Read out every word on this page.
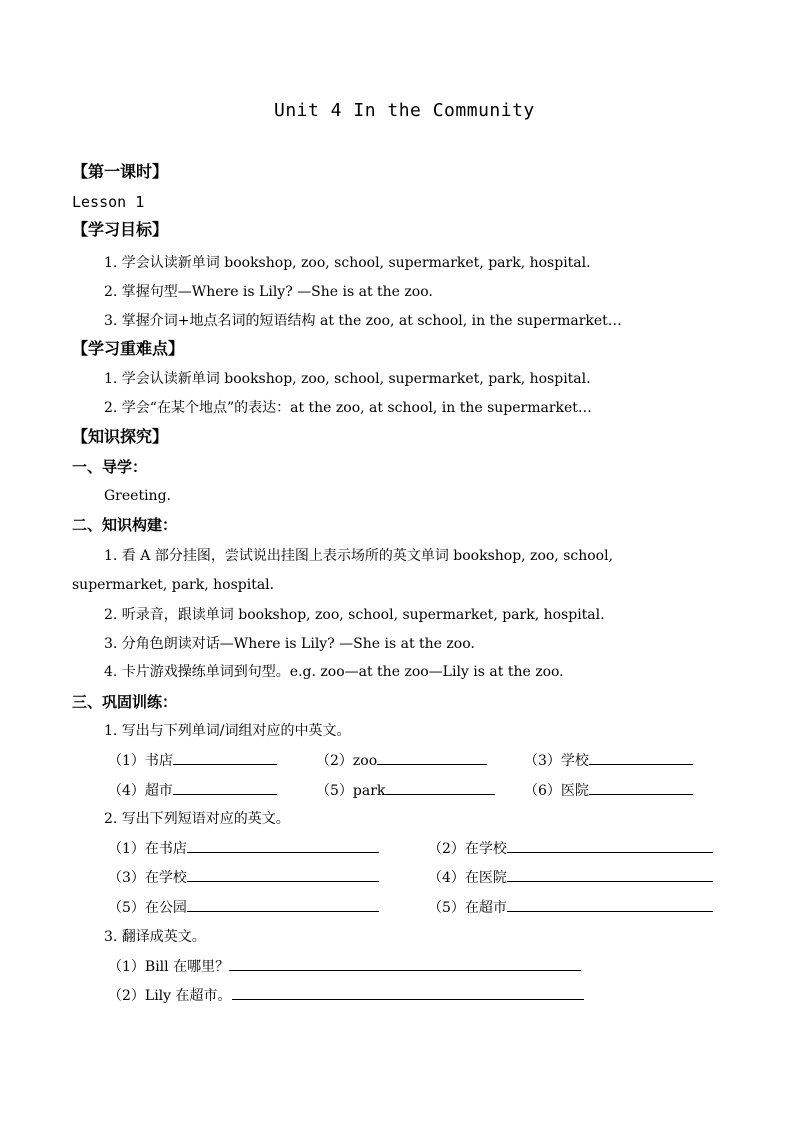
Unit 4 In the Community
【第一课时】
Lesson 1
【学习目标】
1. 学会认读新单词 bookshop, zoo, school, supermarket, park, hospital.
2. 掌握句型—Where is Lily? —She is at the zoo.
3. 掌握介词+地点名词的短语结构 at the zoo, at school, in the supermarket…
【学习重难点】
1. 学会认读新单词 bookshop, zoo, school, supermarket, park, hospital.
2. 学会“在某个地点”的表达：at the zoo, at school, in the supermarket…
【知识探究】
一、导学：
Greeting.
二、知识构建：
1. 看 A 部分挂图，尝试说出挂图上表示场所的英文单词 bookshop, zoo, school,
supermarket, park, hospital.
2. 听录音，跟读单词 bookshop, zoo, school, supermarket, park, hospital.
3. 分角色朗读对话—Where is Lily? —She is at the zoo.
4. 卡片游戏操练单词到句型。e.g. zoo—at the zoo—Lily is at the zoo.
三、巩固训练：
1. 写出与下列单词/词组对应的中英文。
（1）书店	（2）zoo	（3）学校
（4）超市	（5）park	（6）医院
2. 写出下列短语对应的英文。
（1）在书店	（2）在学校
（3）在学校	（4）在医院
（5）在公园	（5）在超市
3. 翻译成英文。
（1）Bill 在哪里？
（2）Lily 在超市。
